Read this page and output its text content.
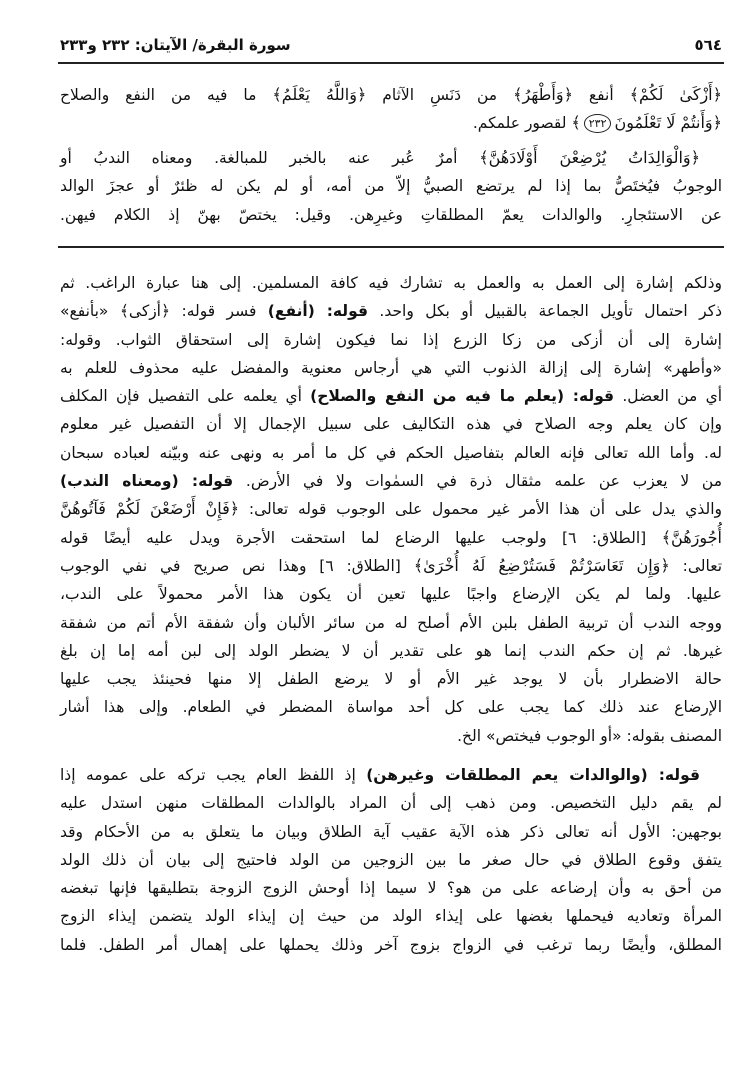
٥٦٤
سورة البقرة/ الآيتان: ٢٣٢ و٢٣٣
﴿أَزْكَىٰ لَكُمْ﴾ أنفع ﴿وَأَطْهَرُ﴾ من دَنَسِ الآثام ﴿وَاللَّهُ يَعْلَمُ﴾ ما فيه من النفع والصلاح
﴿وَأَنتُمْ لَا تَعْلَمُونَ٢٣٢﴾ لقصور علمكم.
﴿وَالْوَالِدَاتُ يُرْضِعْنَ أَوْلَادَهُنَّ﴾ أمرٌ عُبر عنه بالخبر للمبالغة. ومعناه الندبُ أو
الوجوبُ فيُختَصُّ بما إذا لم يرتضع الصبيُّ إلاّ من أمه، أو لم يكن له ظئرٌ أو عجزَ الوالد
عن الاستئجارِ. والوالدات يعمّ المطلقاتِ وغيرِهن. وقيل: يختصّ بهنّ إذ الكلام فيهن.
وذلكم إشارة إلى العمل به والعمل به تشارك فيه كافة المسلمين. إلى هنا عبارة الراغب. ثم
ذكر احتمال تأويل الجماعة بالقبيل أو بكل واحد. قوله: (أنفع) فسر قوله: ﴿أزكى﴾ «بأنفع»
إشارة إلى أن أزكى من زكا الزرع إذا نما فيكون إشارة إلى استحقاق الثواب. وقوله:
«وأطهر» إشارة إلى إزالة الذنوب التي هي أرجاس معنوية والمفضل عليه محذوف للعلم به
أي من العضل. قوله: (يعلم ما فيه من النفع والصلاح) أي يعلمه على التفصيل فإن المكلف
وإن كان يعلم وجه الصلاح في هذه التكاليف على سبيل الإجمال إلا أن التفصيل غير معلوم
له. وأما الله تعالى فإنه العالم بتفاصيل الحكم في كل ما أمر به ونهى عنه وبيّنه لعباده سبحان
من لا يعزب عن علمه مثقال ذرة في السمٰوات ولا في الأرض. قوله: (ومعناه الندب)
والذي يدل على أن هذا الأمر غير محمول على الوجوب قوله تعالى: ﴿فَإِنْ أَرْضَعْنَ لَكُمْ فَآتُوهُنَّ
أُجُورَهُنَّ﴾ [الطلاق: ٦] ولوجب عليها الرضاع لما استحقت الأجرة ويدل عليه أيضًا قوله
تعالى: ﴿وَإِن تَعَاسَرْتُمْ فَسَتُرْضِعُ لَهُ أُخْرَىٰ﴾ [الطلاق: ٦] وهذا نص صريح في نفي الوجوب
عليها. ولما لم يكن الإرضاع واجبًا عليها تعين أن يكون هذا الأمر محمولاً على الندب،
ووجه الندب أن تربية الطفل بلبن الأم أصلح له من سائر الألبان وأن شفقة الأم أتم من شفقة
غيرها. ثم إن حكم الندب إنما هو على تقدير أن لا يضطر الولد إلى لبن أمه إما إن بلغ
حالة الاضطرار بأن لا يوجد غير الأم أو لا يرضع الطفل إلا منها فحينئذ يجب عليها
الإرضاع عند ذلك كما يجب على كل أحد مواساة المضطر في الطعام. وإلى هذا أشار
المصنف بقوله: «أو الوجوب فيختص» الخ.
قوله: (والوالدات يعم المطلقات وغيرهن) إذ اللفظ العام يجب تركه على عمومه إذا
لم يقم دليل التخصيص. ومن ذهب إلى أن المراد بالوالدات المطلقات منهن استدل عليه
بوجهين: الأول أنه تعالى ذكر هذه الآية عقيب آية الطلاق وبيان ما يتعلق به من الأحكام وقد
يتفق وقوع الطلاق في حال صغر ما بين الزوجين من الولد فاحتيج إلى بيان أن ذلك الولد
من أحق به وأن إرضاعه على من هو؟ لا سيما إذا أوحش الزوج الزوجة بتطليقها فإنها تبغضه
المرأة وتعاديه فيحملها بغضها على إيذاء الولد من حيث إن إيذاء الولد يتضمن إيذاء الزوج
المطلق، وأيضًا ربما ترغب في الزواج بزوج آخر وذلك يحملها على إهمال أمر الطفل. فلما
